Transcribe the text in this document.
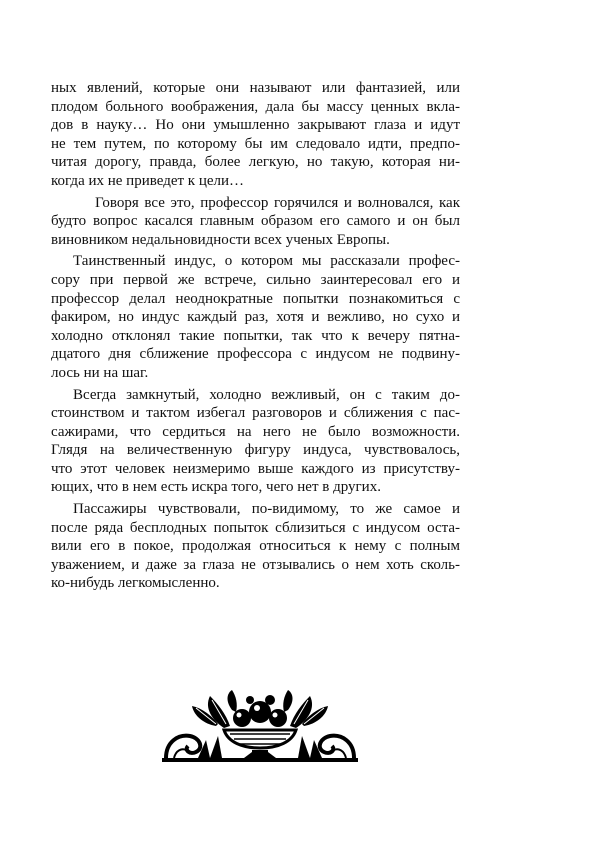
ных явлений, которые они называют или фантазией, или
плодом больного воображения, дала бы массу ценных вкла-
дов в науку… Но они умышленно закрывают глаза и идут
не тем путем, по которому бы им следовало идти, предпо-
читая дорогу, правда, более легкую, но такую, которая ни-
когда их не приведет к цели…

Говоря все это, профессор горячился и волновался, как
будто вопрос касался главным образом его самого и он был
виновником недальновидности всех ученых Европы.

Таинственный индус, о котором мы рассказали профес-
сору при первой же встрече, сильно заинтересовал его и
профессор делал неоднократные попытки познакомиться с
факиром, но индус каждый раз, хотя и вежливо, но сухо и
холодно отклонял такие попытки, так что к вечеру пятна-
дцатого дня сближение профессора с индусом не подвину-
лось ни на шаг.

Всегда замкнутый, холодно вежливый, он с таким до-
стоинством и тактом избегал разговоров и сближения с пас-
сажирами, что сердиться на него не было возможности.
Глядя на величественную фигуру индуса, чувствовалось,
что этот человек неизмеримо выше каждого из присутству-
ющих, что в нем есть искра того, чего нет в других.

Пассажиры чувствовали, по-видимому, то же самое и
после ряда бесплодных попыток сблизиться с индусом оста-
вили его в покое, продолжая относиться к нему с полным
уважением, и даже за глаза не отзывались о нем хоть сколь-
ко-нибудь легкомысленно.
